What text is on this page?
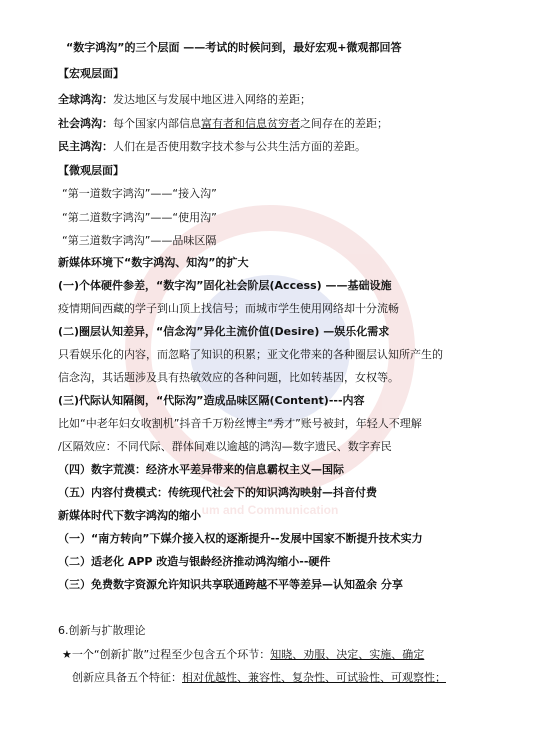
um and Communication
“数字鸿沟”的三个层面 ——考试的时候问到，最好宏观+微观都回答
【宏观层面】
全球鸿沟：发达地区与发展中地区进入网络的差距；
社会鸿沟：每个国家内部信息富有者和信息贫穷者之间存在的差距；
民主鸿沟：人们在是否使用数字技术参与公共生活方面的差距。
【微观层面】
“第一道数字鸿沟”——“接入沟”
“第二道数字鸿沟”——“使用沟”
“第三道数字鸿沟”——品味区隔
新媒体环境下“数字鸿沟、知沟”的扩大
(一)个体硬件参差，“数字沟”固化社会阶层(Access) ——基础设施
疫情期间西藏的学子到山顶上找信号；而城市学生使用网络却十分流畅
(二)圈层认知差异，“信念沟”异化主流价值(Desire) —娱乐化需求
只看娱乐化的内容，而忽略了知识的积累；亚文化带来的各种圈层认知所产生的
信念沟，其话题涉及具有热敏效应的各种问题，比如转基因，女权等。
(三)代际认知隔阂，“代际沟”造成品味区隔(Content)---内容
比如“中老年妇女收割机”抖音千万粉丝博主“秀才”账号被封，年轻人不理解
/区隔效应：不同代际、群体间难以逾越的鸿沟—数字遗民、数字弃民
（四）数字荒漠：经济水平差异带来的信息霸权主义—国际
（五）内容付费模式：传统现代社会下的知识鸿沟映射—抖音付费
新媒体时代下数字鸿沟的缩小
（一）“南方转向”下媒介接入权的逐渐提升--发展中国家不断提升技术实力
（二）适老化 APP 改造与银龄经济推动鸿沟缩小--硬件
（三）免费数字资源允许知识共享联通跨越不平等差异—认知盈余 分享
6.创新与扩散理论
★一个“创新扩散”过程至少包含五个环节：知晓、劝服、决定、实施、确定
创新应具备五个特征：相对优越性、兼容性、复杂性、可试验性、可观察性；
